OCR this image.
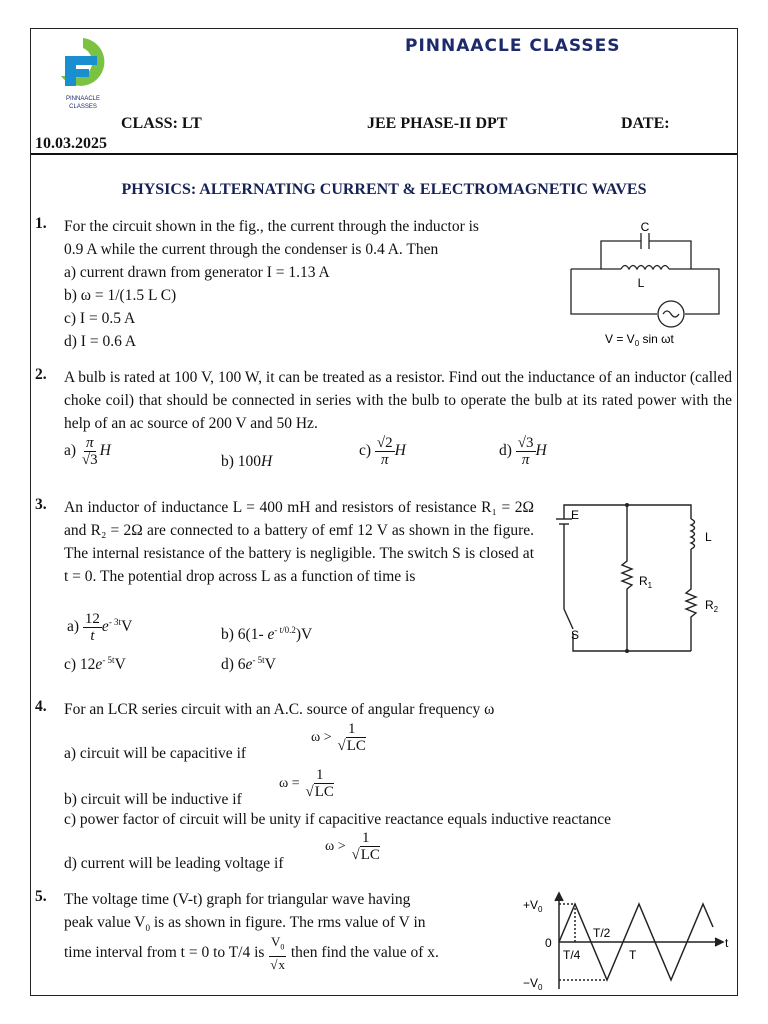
PINNAACLE
CLASSES
PINNAACLE CLASSES
CLASS: LT	JEE PHASE-II DPT	DATE:
10.03.2025
PHYSICS: ALTERNATING CURRENT & ELECTROMAGNETIC WAVES
1. For the circuit shown in the fig., the current through the inductor is
0.9 A while the current through the condenser is 0.4 A. Then
a) current drawn from generator I = 1.13 A
b) ω = 1/(1.5 L C)
c) I = 0.5 A
d) I = 0.6 A
C
L
$V = V_0$ sin ωt
2. A bulb is rated at 100 V, 100 W, it can be treated as a resistor. Find out the inductance of an inductor (called choke coil) that should be connected in series with the bulb to operate the bulb at its rated power with the help of an ac source of 200 V and 50 Hz.
$a) \frac{\pi}{√3}$ H
b) 100H
$c) \frac{√2}{\pi}$ H	$d) \frac{√3}{\pi}$ H
3. An inductor of inductance L = 400 mH and resistors of resistance R₁ = 2Ω and R₂ = 2Ω are connected to a battery of emf 12 V as shown in the figure. The internal resistance of the battery is negligible. The switch S is closed at t = 0. The potential drop across L as a function of time is
$a) \frac{12}{t} e^{- 3t}V$	b) 6(1- $e^{- t/0.2})V$
c) $12e^{- 5t}V$	d) $6e^{- 5t}V$
E
$R_1$
L
$R_2$
S
4. For an LCR series circuit with an A.C. source of angular frequency ω
a) circuit will be capacitive if
$\omega > \frac{1}{√LC}$
b) circuit will be inductive if
$\omega = \frac{1}{√LC}$
c) power factor of circuit will be unity if capacitive reactance equals inductive reactance
d) current will be leading voltage if
$\omega > \frac{1}{√LC}$
5. The voltage time (V-t) graph for triangular wave having
peak value $V_0$ is as shown in figure. The rms value of V in
time interval from t = 0 to T/4 is $\frac{V_0}{√x}$ then find the value of x.
$+V_0$
0
$-V_0$
t
T/4
T/2
T
